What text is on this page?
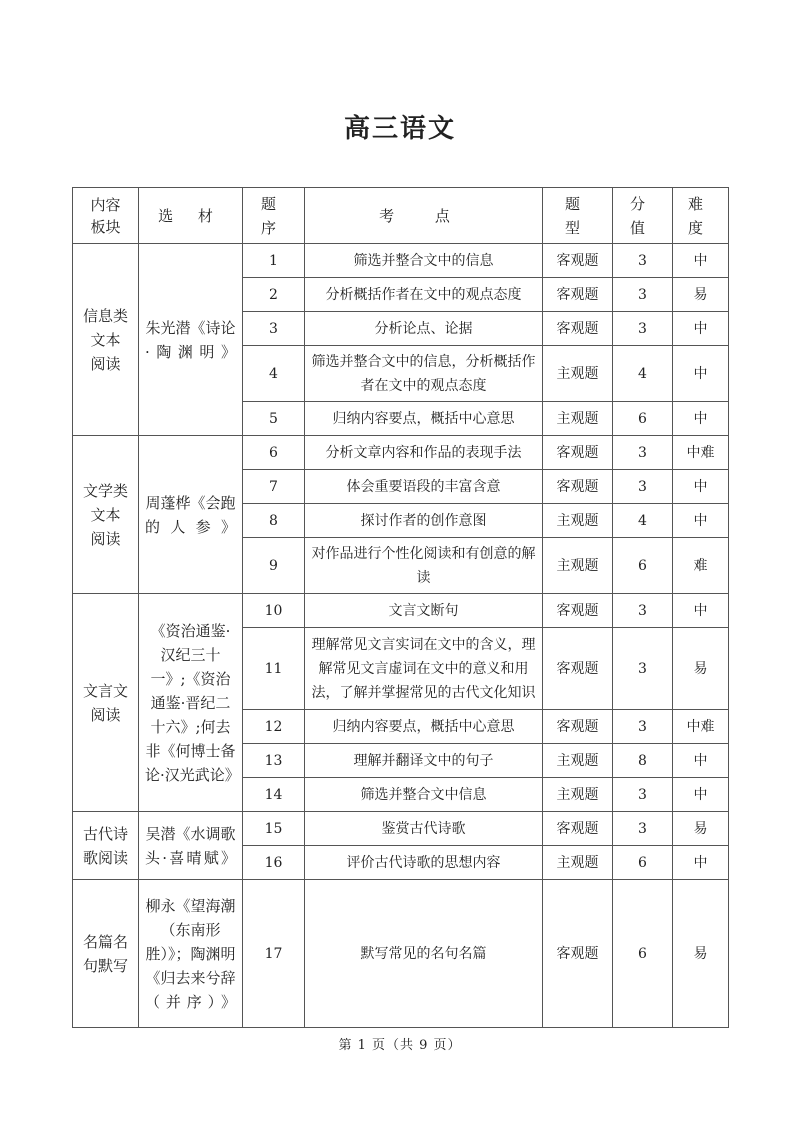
高三语文
内容
板块	选 材	题 序	考 点	题 型	分 值	难 度
信息类
文本
阅读	朱光潜《诗论·陶渊明》	1	筛选并整合文中的信息	客观题	3	中
		2	分析概括作者在文中的观点态度	客观题	3	易
		3	分析论点、论据	客观题	3	中
		4	筛选并整合文中的信息，分析概括作者在文中的观点态度	主观题	4	中
		5	归纳内容要点，概括中心意思	主观题	6	中
文学类
文本
阅读	周蓬桦《会跑的人参》	6	分析文章内容和作品的表现手法	客观题	3	中难
		7	体会重要语段的丰富含意	客观题	3	中
		8	探讨作者的创作意图	主观题	4	中
		9	对作品进行个性化阅读和有创意的解读	主观题	6	难
文言文
阅读	《资治通鉴·汉纪三十一》;《资治通鉴·晋纪二十六》;何去非《何博士备论·汉光武论》	10	文言文断句	客观题	3	中
		11	理解常见文言实词在文中的含义，理解常见文言虚词在文中的意义和用法，了解并掌握常见的古代文化知识	客观题	3	易
		12	归纳内容要点，概括中心意思	客观题	3	中难
		13	理解并翻译文中的句子	主观题	8	中
		14	筛选并整合文中信息	主观题	3	中
古代诗
歌阅读	吴潜《水调歌头·喜晴赋》	15	鉴赏古代诗歌	客观题	3	易
		16	评价古代诗歌的思想内容	主观题	6	中
名篇名
句默写	柳永《望海潮（东南形胜）》；陶渊明《归去来兮辞（并序）》	17	默写常见的名句名篇	客观题	6	易
第 1 页（共 9 页）
